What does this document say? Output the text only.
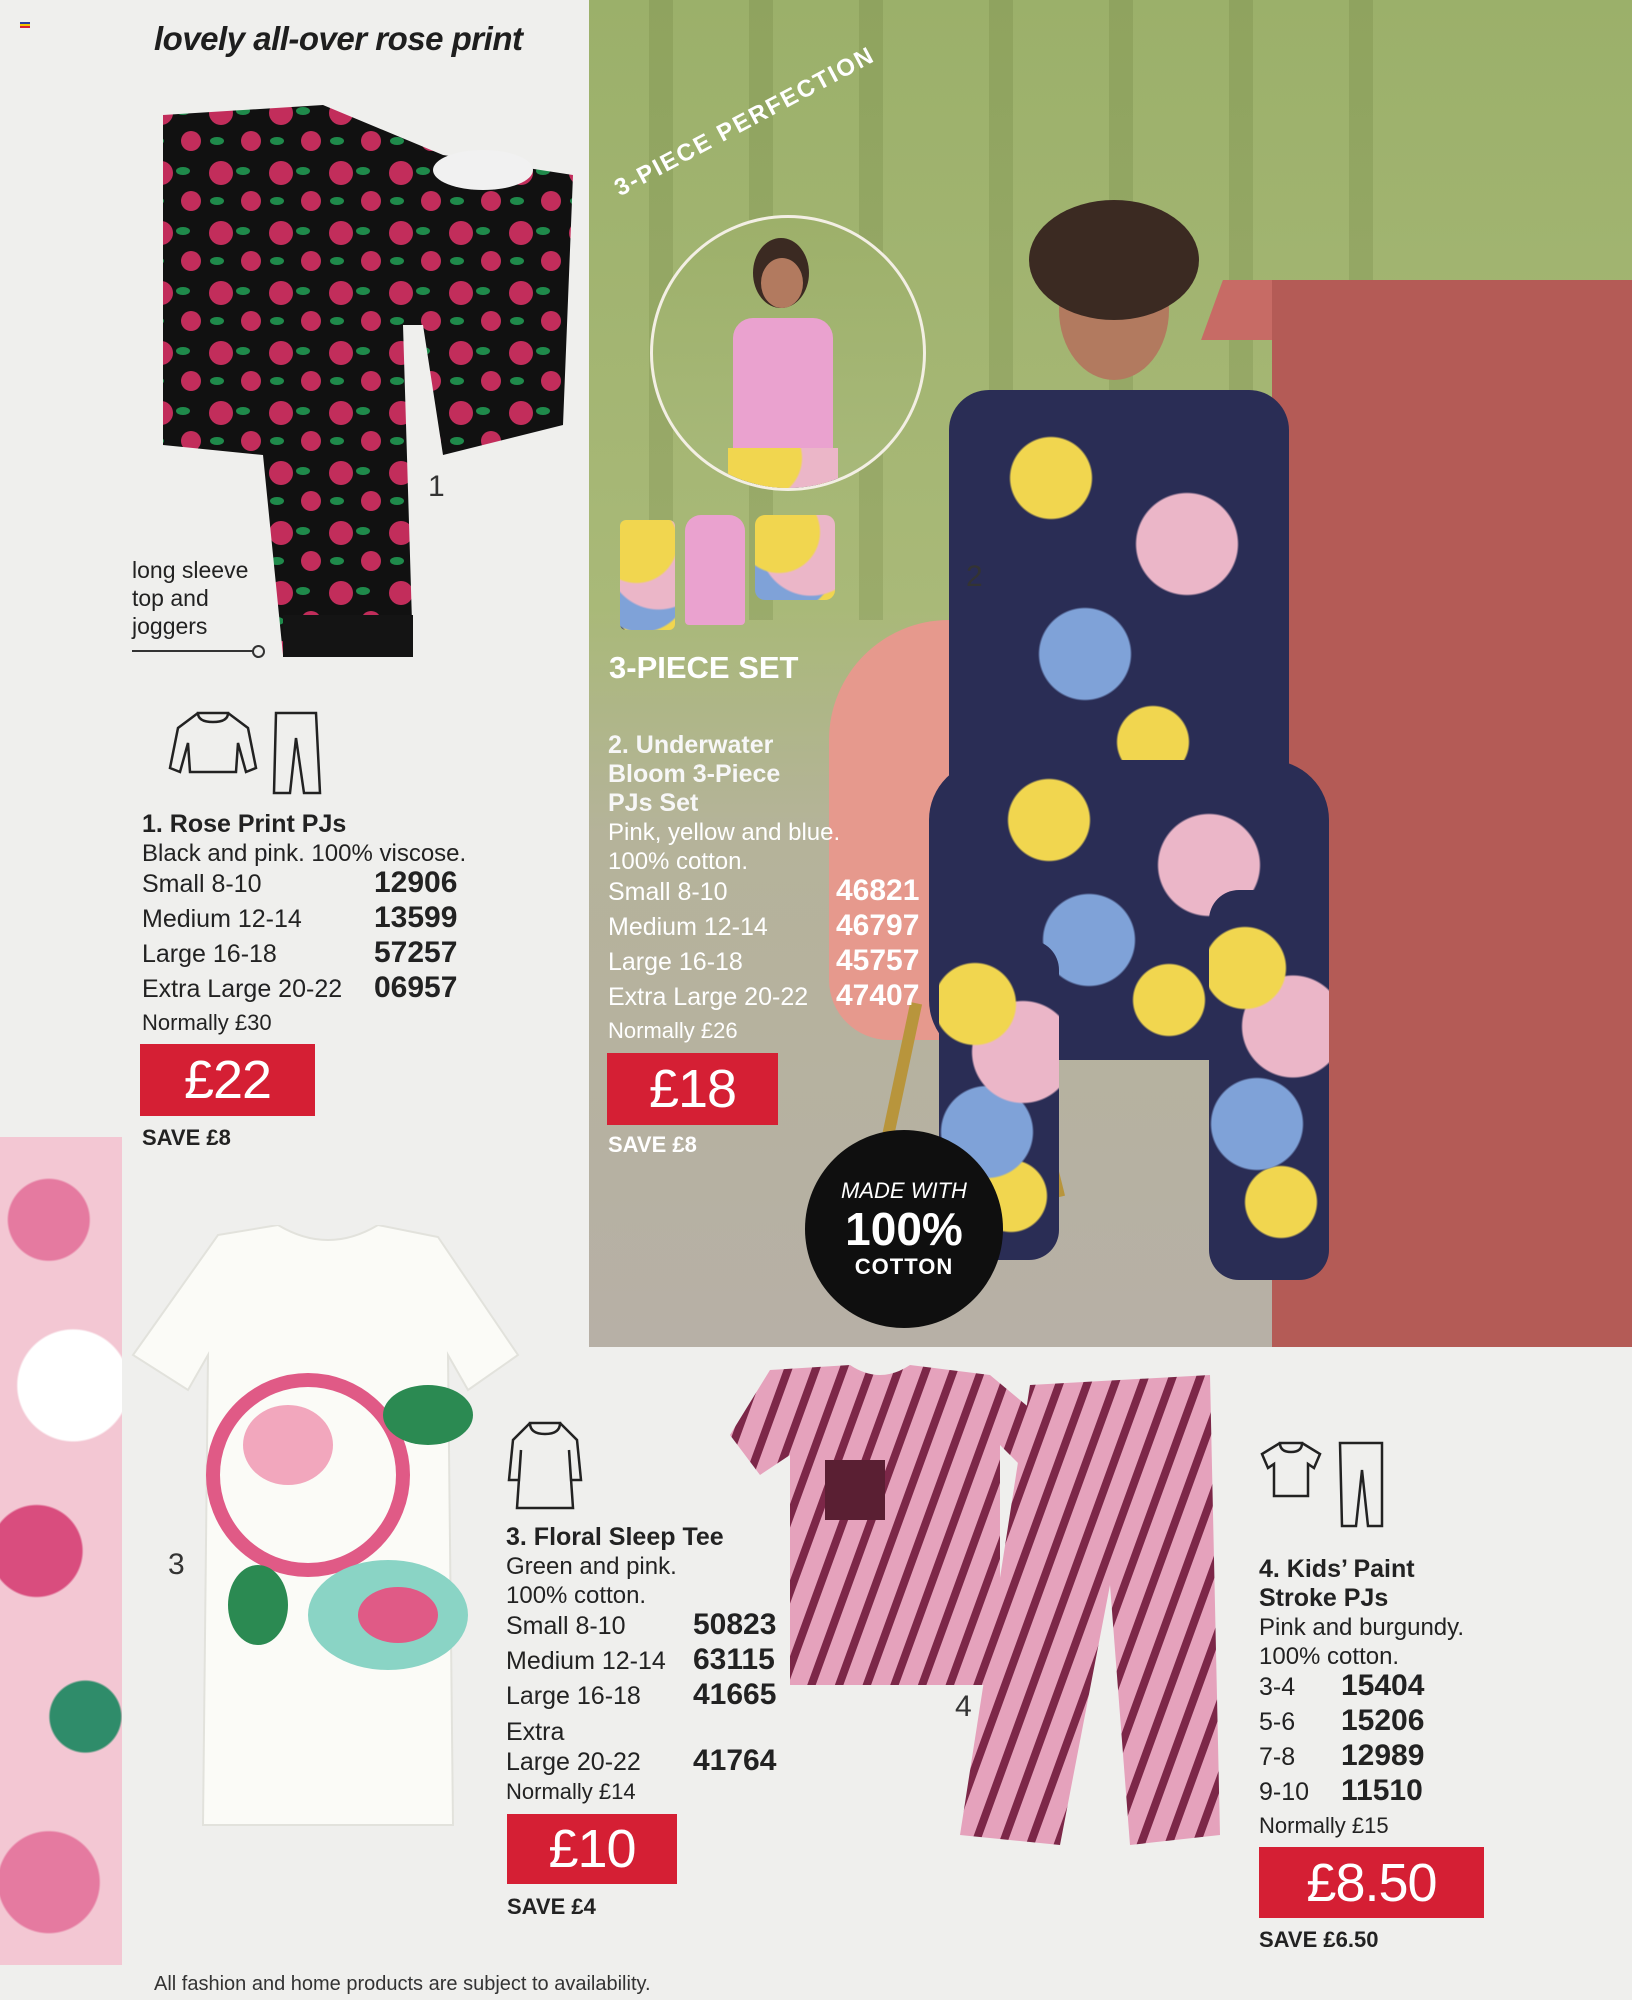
lovely all-over rose print
3-PIECE PERFECTION
3-PIECE SET
1
2
long sleeve
top and
joggers
1. Rose Print PJs
Black and pink. 100% viscose.
Small 8-10	12906
Medium 12-14	13599
Large 16-18	57257
Extra Large 20-22	06957
Normally £30
£22
SAVE £8
2. Underwater
Bloom 3-Piece
PJs Set
Pink, yellow and blue.
100% cotton.
Small 8-10	46821
Medium 12-14	46797
Large 16-18	45757
Extra Large 20-22 47407
Normally £26
£18
SAVE £8
MADE WITH
100%
COTTON
3
3. Floral Sleep Tee
Green and pink.
100% cotton.
Small 8-10	50823
Medium 12-14 63115
Large 16-18	41665
Extra
Large 20-22	41764
Normally £14
£10
SAVE £4
4
4. Kids’ Paint
Stroke PJs
Pink and burgundy.
100% cotton.
3-4	15404
5-6	15206
7-8	12989
9-10	11510
Normally £15
£8.50
SAVE £6.50
All fashion and home products are subject to availability.
